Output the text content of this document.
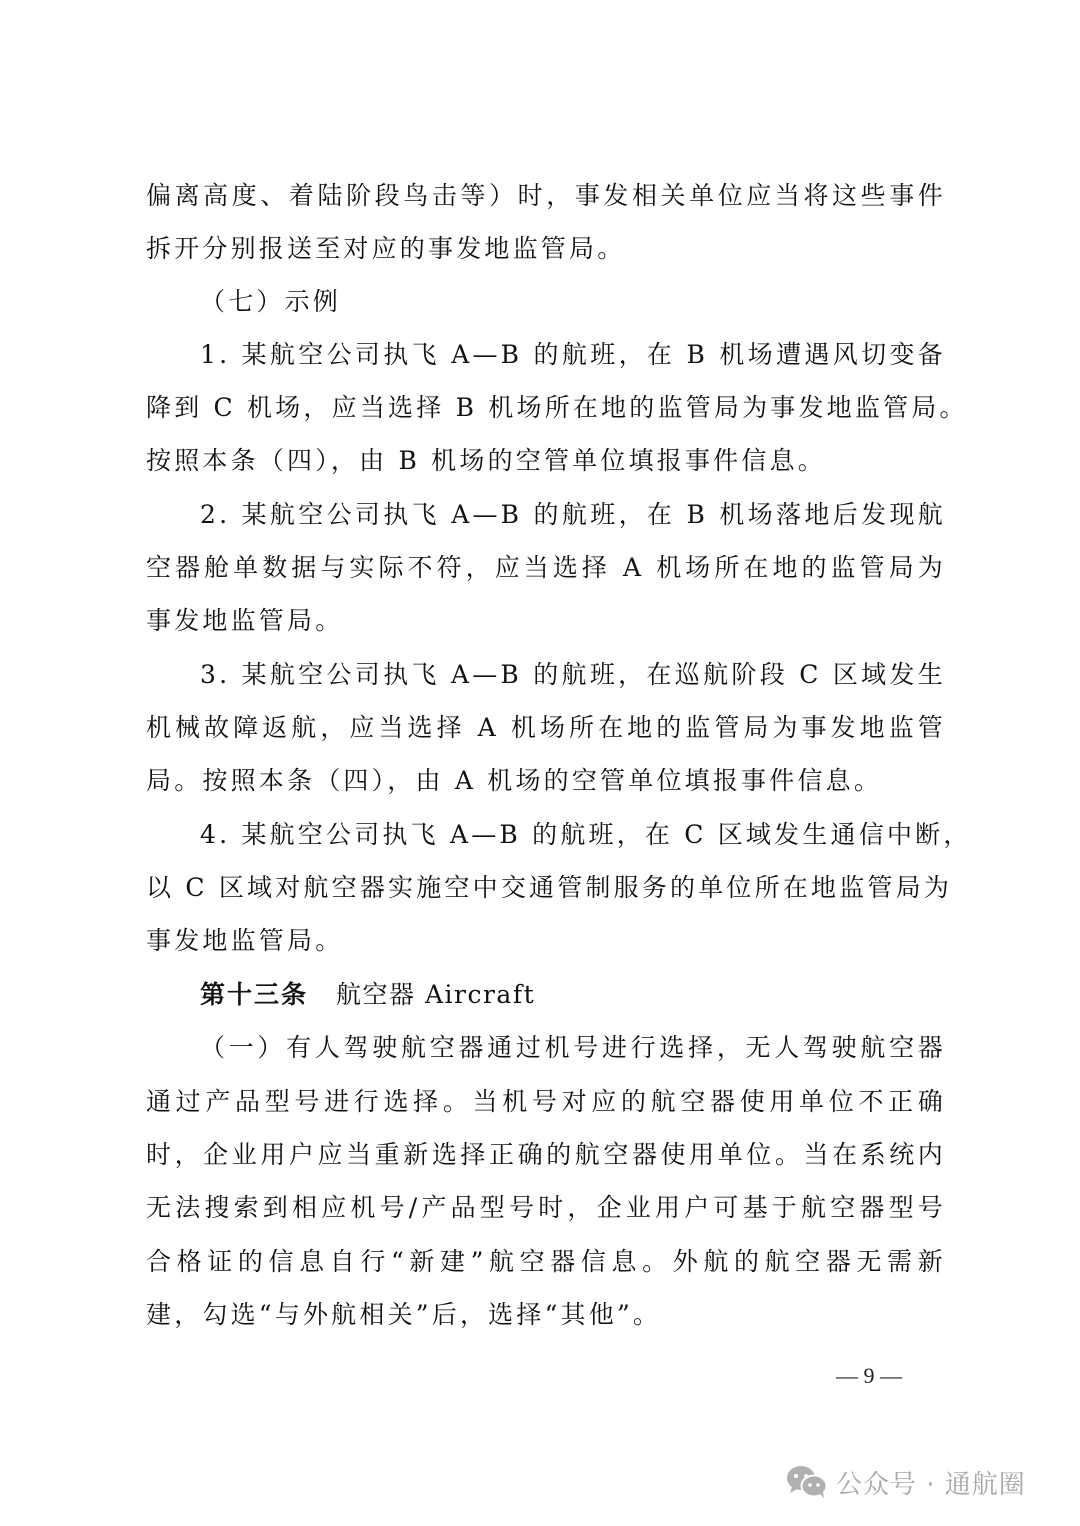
偏离高度、着陆阶段鸟击等）时，事发相关单位应当将这些事件
拆开分别报送至对应的事发地监管局。
（七）示例
1. 某航空公司执飞 A—B 的航班，在 B 机场遭遇风切变备
降到 C 机场，应当选择 B 机场所在地的监管局为事发地监管局。
按照本条（四），由 B 机场的空管单位填报事件信息。
2. 某航空公司执飞 A—B 的航班，在 B 机场落地后发现航
空器舱单数据与实际不符，应当选择 A 机场所在地的监管局为
事发地监管局。
3. 某航空公司执飞 A—B 的航班，在巡航阶段 C 区域发生
机械故障返航，应当选择 A 机场所在地的监管局为事发地监管
局。按照本条（四），由 A 机场的空管单位填报事件信息。
4. 某航空公司执飞 A—B 的航班，在 C 区域发生通信中断，
以 C 区域对航空器实施空中交通管制服务的单位所在地监管局为
事发地监管局。
第十三条 航空器 Aircraft
（一）有人驾驶航空器通过机号进行选择，无人驾驶航空器
通过产品型号进行选择。当机号对应的航空器使用单位不正确
时，企业用户应当重新选择正确的航空器使用单位。当在系统内
无法搜索到相应机号/产品型号时，企业用户可基于航空器型号
合格证的信息自行“新建”航空器信息。外航的航空器无需新
建，勾选“与外航相关”后，选择“其他”。
— 9 —
公众号 · 通航圈
